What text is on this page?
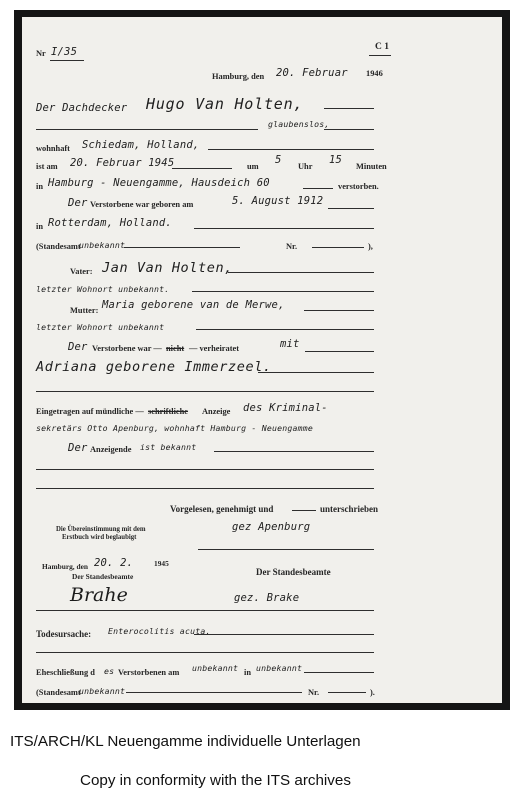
Nr I/35	C 1
Hamburg, den 20. Februar 1946
Der Dachdecker Hugo Van Holten,
glaubenslos,
wohnhaft Schiedam, Holland,
ist am 20. Februar 1945	um
5
Uhr
15
Minuten
in Hamburg - Neuengamme, Hausdeich 60	verstorben.
Der Verstorbene war geboren am	5. August 1912
in Rotterdam, Holland.
(Standesamt
unbekannt	Nr.	),
Vater: Jan Van Holten,
letzter Wohnort unbekannt.
Mutter: Maria geborene van de Merwe,
letzter Wohnort unbekannt
Der Verstorbene war — nicht — verheiratet	mit
Adriana geborene Immerzeel.
Eingetragen auf mündliche — schriftliche Anzeige des Kriminal-
sekretärs Otto Apenburg, wohnhaft Hamburg - Neuengamme
Der Anzeigende ist bekannt
Vorgelesen, genehmigt und	unterschrieben
Die Übereinstimmung mit dem
Erstbuch wird beglaubigt
gez Apenburg
Hamburg, den 20. 2.	1945
Der Standesbeamte	Der Standesbeamte
Brahe	gez. Brake
Todesursache: Enterocolitis acuta.
Eheschließung d es Verstorbenen am unbekannt in unbekannt
(Standesamt
unbekannt	Nr.	).
ITS/ARCH/KL Neuengamme individuelle Unterlagen
Copy in conformity with the ITS archives
